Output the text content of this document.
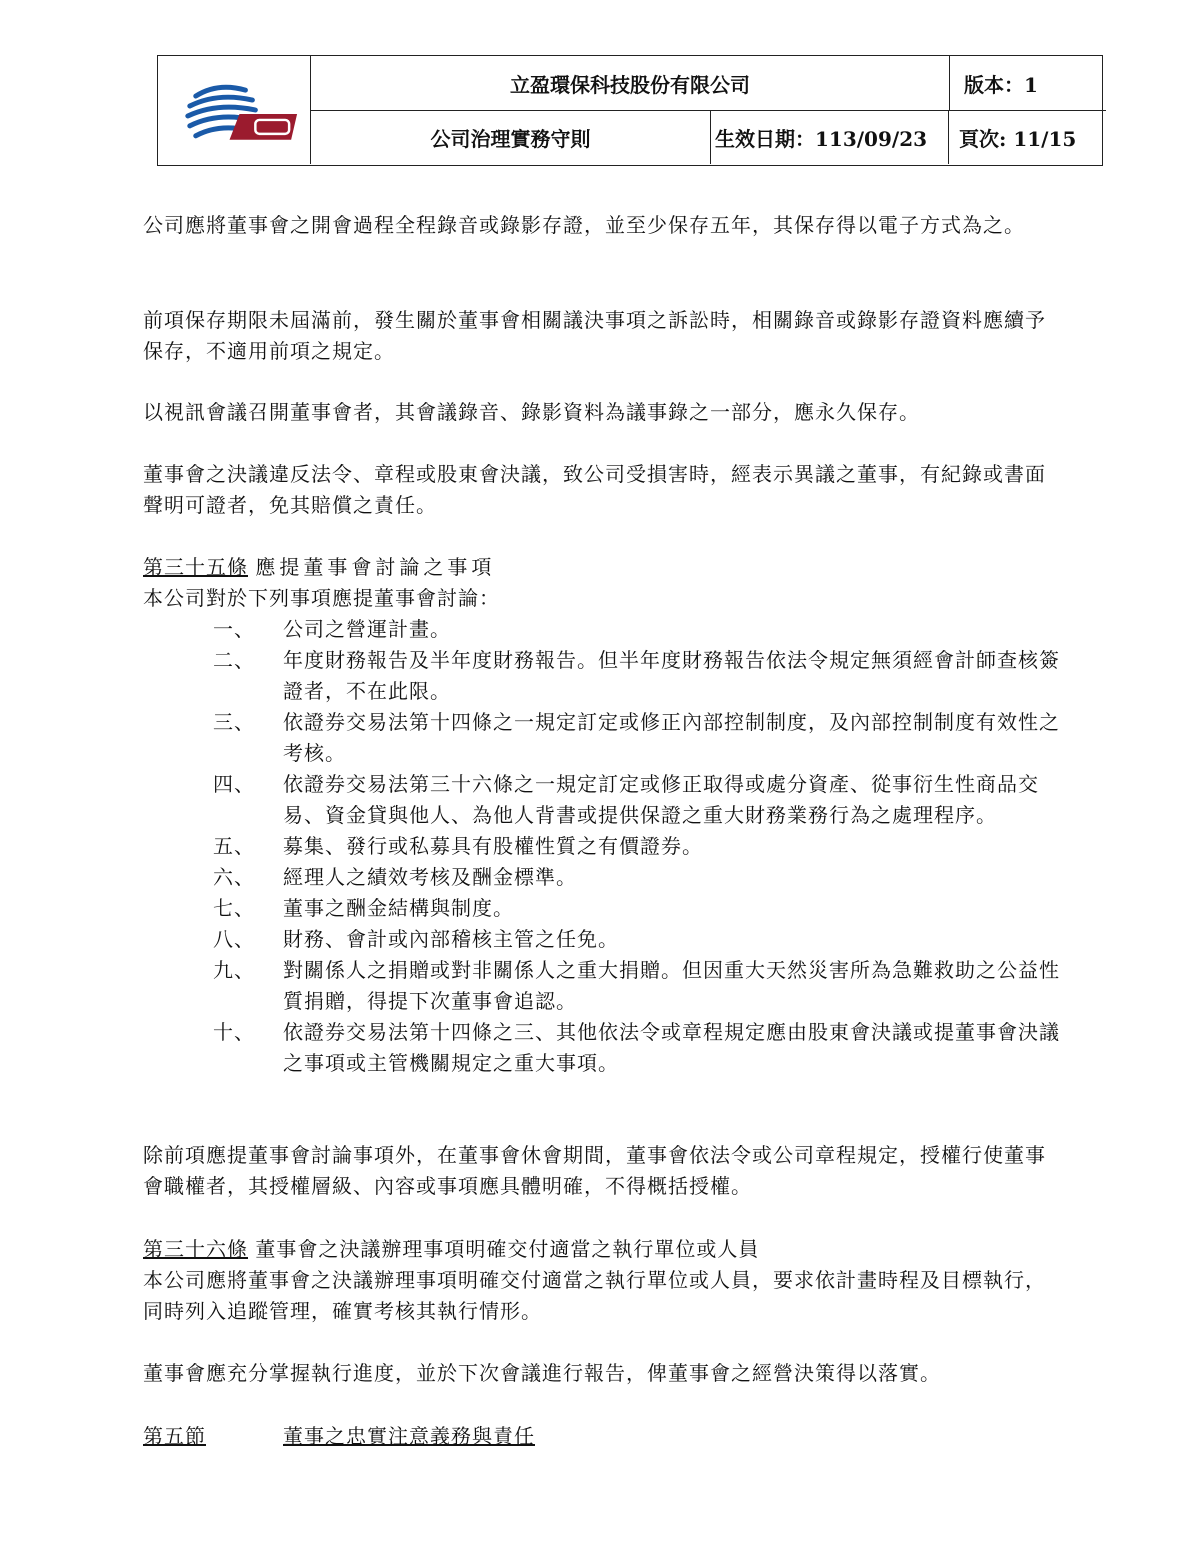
立盈環保科技股份有限公司	版本：1
公司治理實務守則	生效日期：113/09/23	頁次: 11/15
公司應將董事會之開會過程全程錄音或錄影存證，並至少保存五年，其保存得以電子方式為之。
前項保存期限未屆滿前，發生關於董事會相關議決事項之訴訟時，相關錄音或錄影存證資料應續予保存，不適用前項之規定。
以視訊會議召開董事會者，其會議錄音、錄影資料為議事錄之一部分，應永久保存。
董事會之決議違反法令、章程或股東會決議，致公司受損害時，經表示異議之董事，有紀錄或書面聲明可證者，免其賠償之責任。
第三十五條 應提董事會討論之事項
本公司對於下列事項應提董事會討論：
一、 公司之營運計畫。
二、 年度財務報告及半年度財務報告。但半年度財務報告依法令規定無須經會計師查核簽證者，不在此限。
三、 依證券交易法第十四條之一規定訂定或修正內部控制制度，及內部控制制度有效性之考核。
四、 依證券交易法第三十六條之一規定訂定或修正取得或處分資產、從事衍生性商品交易、資金貸與他人、為他人背書或提供保證之重大財務業務行為之處理程序。
五、 募集、發行或私募具有股權性質之有價證券。
六、 經理人之績效考核及酬金標準。
七、 董事之酬金結構與制度。
八、 財務、會計或內部稽核主管之任免。
九、 對關係人之捐贈或對非關係人之重大捐贈。但因重大天然災害所為急難救助之公益性質捐贈，得提下次董事會追認。
十、 依證券交易法第十四條之三、其他依法令或章程規定應由股東會決議或提董事會決議之事項或主管機關規定之重大事項。
除前項應提董事會討論事項外，在董事會休會期間，董事會依法令或公司章程規定，授權行使董事會職權者，其授權層級、內容或事項應具體明確，不得概括授權。
第三十六條 董事會之決議辦理事項明確交付適當之執行單位或人員
本公司應將董事會之決議辦理事項明確交付適當之執行單位或人員，要求依計畫時程及目標執行，同時列入追蹤管理，確實考核其執行情形。
董事會應充分掌握執行進度，並於下次會議進行報告，俾董事會之經營決策得以落實。
第五節	董事之忠實注意義務與責任
